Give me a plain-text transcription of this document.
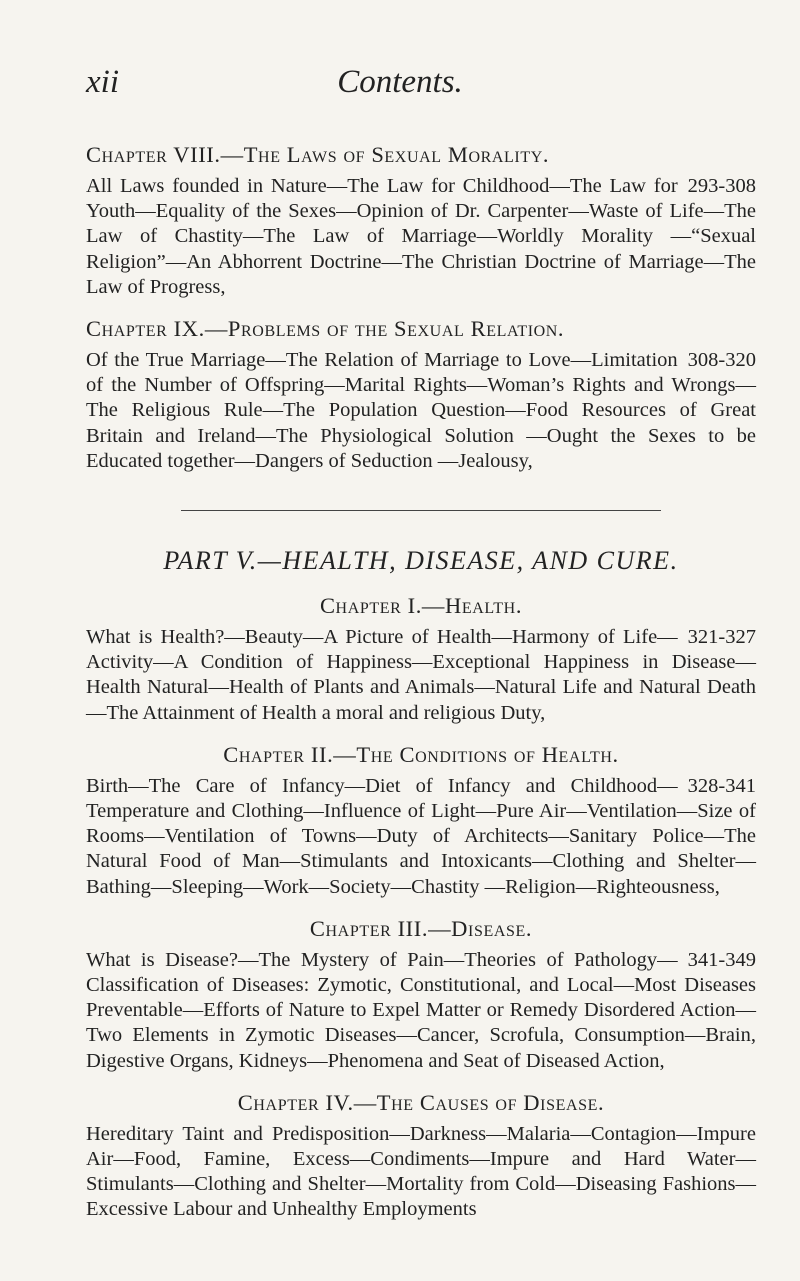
xii	Contents.
Chapter VIII.—The Laws of Sexual Morality.

293-308
All Laws founded in Nature—The Law for Childhood—The Law for Youth—Equality of the Sexes—Opinion of Dr. Carpenter—Waste of Life—The Law of Chastity—The Law of Marriage—Worldly Morality —“Sexual Religion”—An Abhorrent Doctrine—The Christian Doctrine of Marriage—The Law of Progress,

Chapter IX.—Problems of the Sexual Relation.

308-320
Of the True Marriage—The Relation of Marriage to Love—Limitation of the Number of Offspring—Marital Rights—Woman’s Rights and Wrongs—The Religious Rule—The Population Question—Food Resources of Great Britain and Ireland—The Physiological Solution —Ought the Sexes to be Educated together—Dangers of Seduction —Jealousy,

PART V.—HEALTH, DISEASE, AND CURE.
Chapter I.—Health.

321-327
What is Health?—Beauty—A Picture of Health—Harmony of Life—Activity—A Condition of Happiness—Exceptional Happiness in Disease—Health Natural—Health of Plants and Animals—Natural Life and Natural Death—The Attainment of Health a moral and religious Duty,

Chapter II.—The Conditions of Health.

328-341
Birth—The Care of Infancy—Diet of Infancy and Childhood—Temperature and Clothing—Influence of Light—Pure Air—Ventilation—Size of Rooms—Ventilation of Towns—Duty of Architects—Sanitary Police—The Natural Food of Man—Stimulants and Intoxicants—Clothing and Shelter—Bathing—Sleeping—Work—Society—Chastity —Religion—Righteousness,

Chapter III.—Disease.

341-349
What is Disease?—The Mystery of Pain—Theories of Pathology—Classification of Diseases: Zymotic, Constitutional, and Local—Most Diseases Preventable—Efforts of Nature to Expel Matter or Remedy Disordered Action—Two Elements in Zymotic Diseases—Cancer, Scrofula, Consumption—Brain, Digestive Organs, Kidneys—Phenomena and Seat of Diseased Action,

Chapter IV.—The Causes of Disease.

Hereditary Taint and Predisposition—Darkness—Malaria—Contagion—Impure Air—Food, Famine, Excess—Condiments—Impure and Hard Water—Stimulants—Clothing and Shelter—Mortality from Cold—Diseasing Fashions—Excessive Labour and Unhealthy Employments
